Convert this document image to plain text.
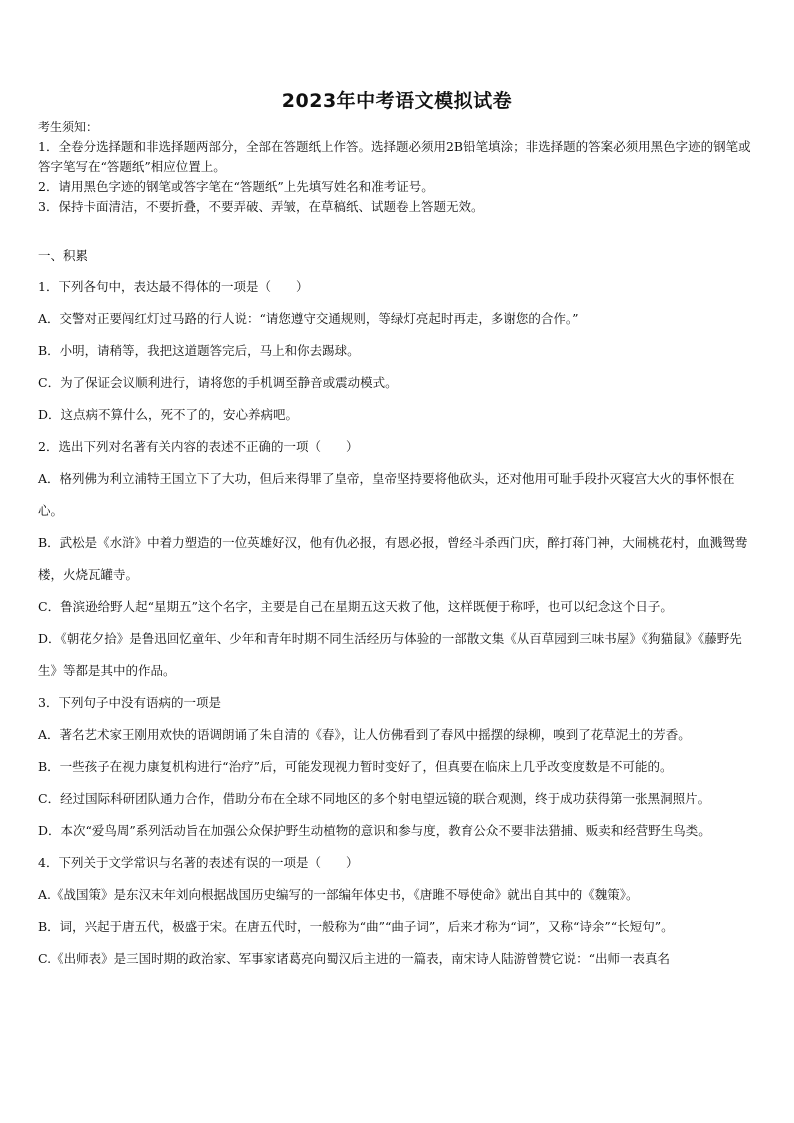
2023年中考语文模拟试卷
考生须知：

1．全卷分选择题和非选择题两部分，全部在答题纸上作答。选择题必须用2B铅笔填涂；非选择题的答案必须用黑色字迹的钢笔或答字笔写在“答题纸”相应位置上。

2．请用黑色字迹的钢笔或答字笔在“答题纸”上先填写姓名和准考证号。

3．保持卡面清洁，不要折叠，不要弄破、弄皱，在草稿纸、试题卷上答题无效。

一、积累

1．下列各句中，表达最不得体的一项是（　　）

A．交警对正要闯红灯过马路的行人说：“请您遵守交通规则，等绿灯亮起时再走，多谢您的合作。”

B．小明，请稍等，我把这道题答完后，马上和你去踢球。

C．为了保证会议顺利进行，请将您的手机调至静音或震动模式。

D．这点病不算什么，死不了的，安心养病吧。

2．选出下列对名著有关内容的表述不正确的一项（　　）

A．格列佛为利立浦特王国立下了大功，但后来得罪了皇帝，皇帝坚持要将他砍头，还对他用可耻手段扑灭寝宫大火的事怀恨在心。

B．武松是《水浒》中着力塑造的一位英雄好汉，他有仇必报，有恩必报，曾经斗杀西门庆，醉打蒋门神，大闹桃花村，血溅鸳鸯楼，火烧瓦罐寺。

C．鲁滨逊给野人起“星期五”这个名字，主要是自己在星期五这天救了他，这样既便于称呼，也可以纪念这个日子。

D．《朝花夕拾》是鲁迅回忆童年、少年和青年时期不同生活经历与体验的一部散文集《从百草园到三味书屋》《狗猫鼠》《藤野先生》等都是其中的作品。

3．下列句子中没有语病的一项是

A．著名艺术家王刚用欢快的语调朗诵了朱自清的《春》，让人仿佛看到了春风中摇摆的绿柳，嗅到了花草泥土的芳香。

B．一些孩子在视力康复机构进行“治疗”后，可能发现视力暂时变好了，但真要在临床上几乎改变度数是不可能的。

C．经过国际科研团队通力合作，借助分布在全球不同地区的多个射电望远镜的联合观测，终于成功获得第一张黑洞照片。

D．本次“爱鸟周”系列活动旨在加强公众保护野生动植物的意识和参与度，教育公众不要非法猎捕、贩卖和经营野生鸟类。

4．下列关于文学常识与名著的表述有误的一项是（　　）

A.《战国策》是东汉末年刘向根据战国历史编写的一部编年体史书，《唐雎不辱使命》就出自其中的《魏策》。

B．词，兴起于唐五代，极盛于宋。在唐五代时，一般称为“曲”“曲子词”，后来才称为“词”，又称“诗余”“长短句”。

C.《出师表》是三国时期的政治家、军事家诸葛亮向蜀汉后主进的一篇表，南宋诗人陆游曾赞它说：“出师一表真名
